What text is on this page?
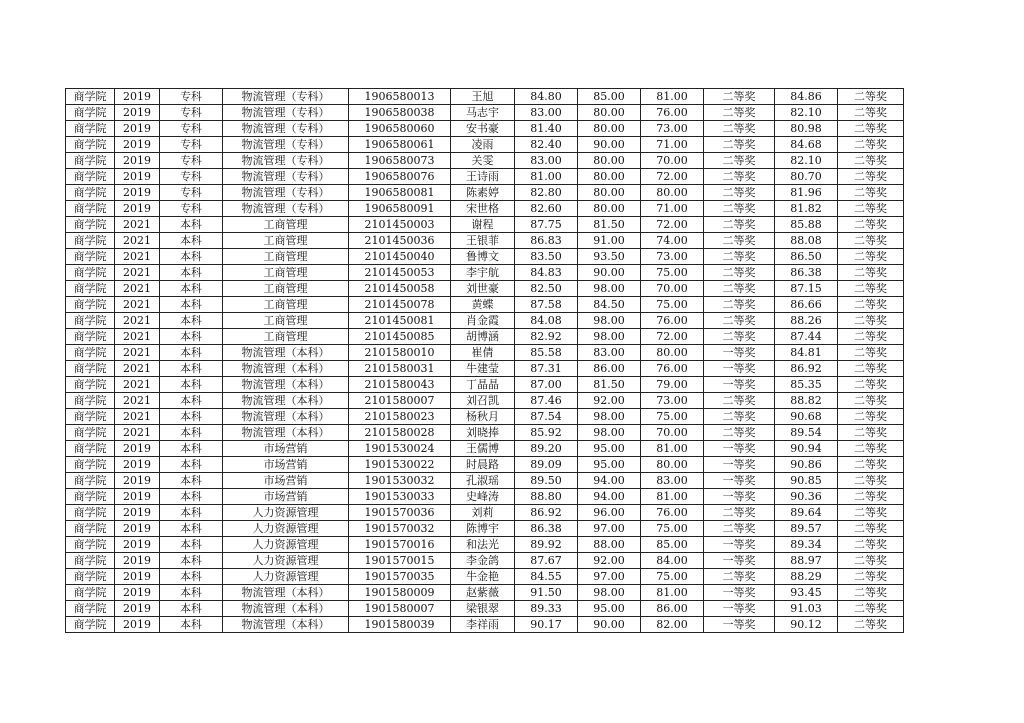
商学院	2019	专科	物流管理（专科）	1906580013	王旭	84.80	85.00	81.00	二等奖	84.86	二等奖
商学院	2019	专科	物流管理（专科）	1906580038	马志宇	83.00	80.00	76.00	二等奖	82.10	二等奖
商学院	2019	专科	物流管理（专科）	1906580060	安书豪	81.40	80.00	73.00	二等奖	80.98	二等奖
商学院	2019	专科	物流管理（专科）	1906580061	凌雨	82.40	90.00	71.00	二等奖	84.68	二等奖
商学院	2019	专科	物流管理（专科）	1906580073	关雯	83.00	80.00	70.00	二等奖	82.10	二等奖
商学院	2019	专科	物流管理（专科）	1906580076	王诗雨	81.00	80.00	72.00	二等奖	80.70	二等奖
商学院	2019	专科	物流管理（专科）	1906580081	陈素婷	82.80	80.00	80.00	二等奖	81.96	二等奖
商学院	2019	专科	物流管理（专科）	1906580091	宋世格	82.60	80.00	71.00	二等奖	81.82	二等奖
商学院	2021	本科	工商管理	2101450003	谢程	87.75	81.50	72.00	二等奖	85.88	二等奖
商学院	2021	本科	工商管理	2101450036	王银菲	86.83	91.00	74.00	二等奖	88.08	二等奖
商学院	2021	本科	工商管理	2101450040	鲁博文	83.50	93.50	73.00	二等奖	86.50	二等奖
商学院	2021	本科	工商管理	2101450053	李宇航	84.83	90.00	75.00	二等奖	86.38	二等奖
商学院	2021	本科	工商管理	2101450058	刘世豪	82.50	98.00	70.00	二等奖	87.15	二等奖
商学院	2021	本科	工商管理	2101450078	黄蝶	87.58	84.50	75.00	二等奖	86.66	二等奖
商学院	2021	本科	工商管理	2101450081	肖金霞	84.08	98.00	76.00	二等奖	88.26	二等奖
商学院	2021	本科	工商管理	2101450085	胡博涵	82.92	98.00	72.00	二等奖	87.44	二等奖
商学院	2021	本科	物流管理（本科）	2101580010	崔倩	85.58	83.00	80.00	一等奖	84.81	二等奖
商学院	2021	本科	物流管理（本科）	2101580031	牛建莹	87.31	86.00	76.00	一等奖	86.92	二等奖
商学院	2021	本科	物流管理（本科）	2101580043	丁晶晶	87.00	81.50	79.00	一等奖	85.35	二等奖
商学院	2021	本科	物流管理（本科）	2101580007	刘召凯	87.46	92.00	73.00	二等奖	88.82	二等奖
商学院	2021	本科	物流管理（本科）	2101580023	杨秋月	87.54	98.00	75.00	二等奖	90.68	二等奖
商学院	2021	本科	物流管理（本科）	2101580028	刘晓捧	85.92	98.00	70.00	二等奖	89.54	二等奖
商学院	2019	本科	市场营销	1901530024	王儒博	89.20	95.00	81.00	一等奖	90.94	二等奖
商学院	2019	本科	市场营销	1901530022	时晨路	89.09	95.00	80.00	一等奖	90.86	二等奖
商学院	2019	本科	市场营销	1901530032	孔淑瑶	89.50	94.00	83.00	一等奖	90.85	二等奖
商学院	2019	本科	市场营销	1901530033	史峰涛	88.80	94.00	81.00	一等奖	90.36	二等奖
商学院	2019	本科	人力资源管理	1901570036	刘莉	86.92	96.00	76.00	二等奖	89.64	二等奖
商学院	2019	本科	人力资源管理	1901570032	陈博宇	86.38	97.00	75.00	二等奖	89.57	二等奖
商学院	2019	本科	人力资源管理	1901570016	和法光	89.92	88.00	85.00	一等奖	89.34	二等奖
商学院	2019	本科	人力资源管理	1901570015	李金鸽	87.67	92.00	84.00	一等奖	88.97	二等奖
商学院	2019	本科	人力资源管理	1901570035	牛金艳	84.55	97.00	75.00	二等奖	88.29	二等奖
商学院	2019	本科	物流管理（本科）	1901580009	赵紫薇	91.50	98.00	81.00	一等奖	93.45	二等奖
商学院	2019	本科	物流管理（本科）	1901580007	梁银翠	89.33	95.00	86.00	一等奖	91.03	二等奖
商学院	2019	本科	物流管理（本科）	1901580039	李祥雨	90.17	90.00	82.00	一等奖	90.12	二等奖
